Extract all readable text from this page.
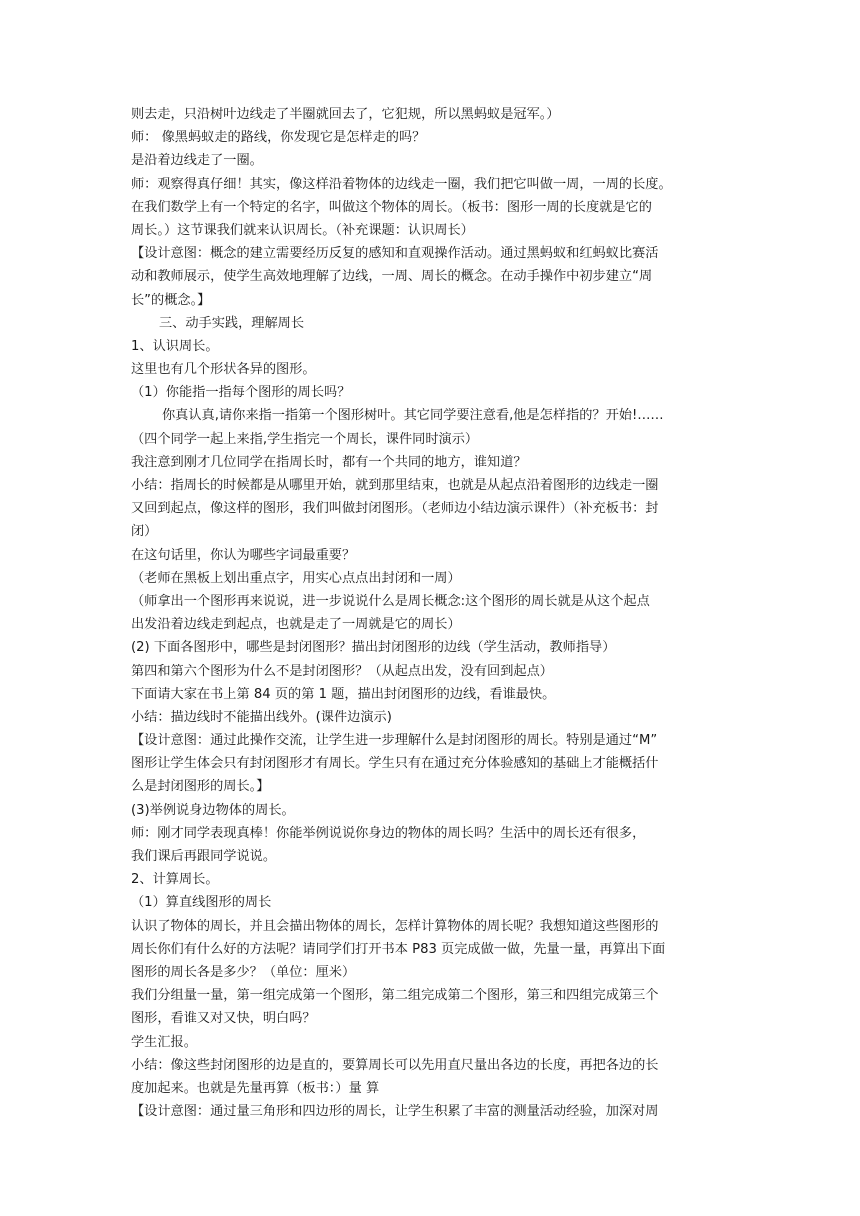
则去走，只沿树叶边线走了半圈就回去了，它犯规，所以黑蚂蚁是冠军。）
师： 像黑蚂蚁走的路线，你发现它是怎样走的吗？
是沿着边线走了一圈。
师：观察得真仔细！其实，像这样沿着物体的边线走一圈，我们把它叫做一周，一周的长度。
在我们数学上有一个特定的名字，叫做这个物体的周长。（板书：图形一周的长度就是它的
周长。）这节课我们就来认识周长。（补充课题：认识周长）
【设计意图：概念的建立需要经历反复的感知和直观操作活动。通过黑蚂蚁和红蚂蚁比赛活
动和教师展示，使学生高效地理解了边线，一周、周长的概念。在动手操作中初步建立“周
长”的概念。】
三、动手实践，理解周长
1、认识周长。
这里也有几个形状各异的图形。
（1）你能指一指每个图形的周长吗？
你真认真,请你来指一指第一个图形树叶。其它同学要注意看,他是怎样指的？开始!……
（四个同学一起上来指,学生指完一个周长，课件同时演示）
我注意到刚才几位同学在指周长时，都有一个共同的地方，谁知道？
小结：指周长的时候都是从哪里开始，就到那里结束，也就是从起点沿着图形的边线走一圈
又回到起点，像这样的图形，我们叫做封闭图形。（老师边小结边演示课件）（补充板书：封
闭）
在这句话里，你认为哪些字词最重要？
（老师在黑板上划出重点字，用实心点点出封闭和一周）
（师拿出一个图形再来说说，进一步说说什么是周长概念:这个图形的周长就是从这个起点
出发沿着边线走到起点，也就是走了一周就是它的周长）
(2) 下面各图形中，哪些是封闭图形？描出封闭图形的边线（学生活动，教师指导）
第四和第六个图形为什么不是封闭图形？（从起点出发，没有回到起点）
下面请大家在书上第 84 页的第 1 题，描出封闭图形的边线，看谁最快。
小结：描边线时不能描出线外。(课件边演示)
【设计意图：通过此操作交流，让学生进一步理解什么是封闭图形的周长。特别是通过“M”
图形让学生体会只有封闭图形才有周长。学生只有在通过充分体验感知的基础上才能概括什
么是封闭图形的周长。】
(3)举例说身边物体的周长。
师：刚才同学表现真棒！你能举例说说你身边的物体的周长吗？生活中的周长还有很多，
我们课后再跟同学说说。
2、计算周长。
（1）算直线图形的周长
认识了物体的周长，并且会描出物体的周长，怎样计算物体的周长呢？我想知道这些图形的
周长你们有什么好的方法呢？请同学们打开书本 P83 页完成做一做，先量一量，再算出下面
图形的周长各是多少？（单位：厘米）
我们分组量一量，第一组完成第一个图形，第二组完成第二个图形，第三和四组完成第三个
图形，看谁又对又快，明白吗？
学生汇报。
小结：像这些封闭图形的边是直的，要算周长可以先用直尺量出各边的长度，再把各边的长
度加起来。也就是先量再算（板书：）量 算
【设计意图：通过量三角形和四边形的周长，让学生积累了丰富的测量活动经验，加深对周
